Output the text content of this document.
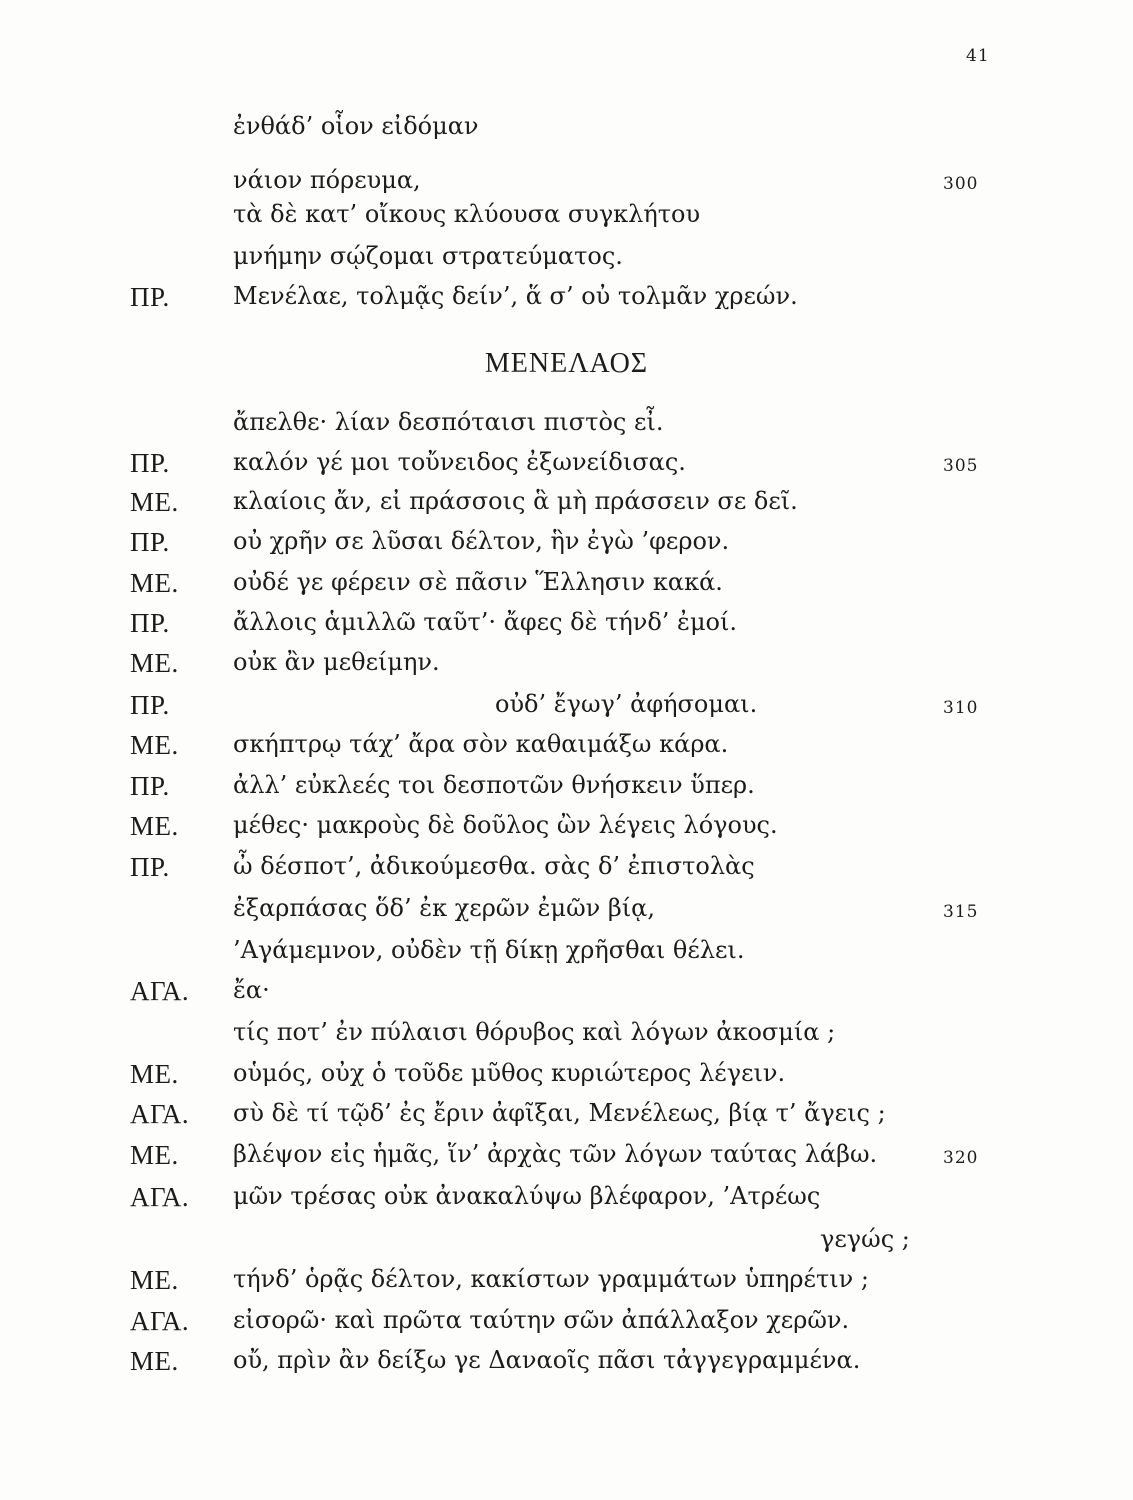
41
ἐνθάδ’ οἷον εἰδόμαν
νάιον πόρευμα,	300
τὰ δὲ κατ’ οἴκους κλύουσα συγκλήτου
μνήμην σῴζομαι στρατεύματος.
ΠΡ.	Μενέλαε, τολμᾷς δείν’, ἅ σ’ οὐ τολμᾶν χρεών.
ΜΕΝΕΛΑΟΣ
ἄπελθε· λίαν δεσπόταισι πιστὸς εἶ.
ΠΡ.	καλόν γέ μοι τοὔνειδος ἐξωνείδισας.	305
ΜΕ. κλαίοις ἄν, εἰ πράσσοις ἃ μὴ πράσσειν σε δεῖ.
ΠΡ.	οὐ χρῆν σε λῦσαι δέλτον, ἣν ἐγὼ ’φερον.
ΜΕ. οὐδέ γε φέρειν σὲ πᾶσιν Ἕλλησιν κακά.
ΠΡ.	ἄλλοις ἁμιλλῶ ταῦτ’· ἄφες δὲ τήνδ’ ἐμοί.
ΜΕ. οὐκ ἂν μεθείμην.
ΠΡ.	οὐδ’ ἔγωγ’ ἀφήσομαι.	310
ΜΕ. σκήπτρῳ τάχ’ ἄρα σὸν καθαιμάξω κάρα.
ΠΡ.	ἀλλ’ εὐκλεές τοι δεσποτῶν θνήσκειν ὕπερ.
ΜΕ. μέθες· μακροὺς δὲ δοῦλος ὢν λέγεις λόγους.
ΠΡ.	ὦ δέσποτ’, ἀδικούμεσθα. σὰς δ’ ἐπιστολὰς
ἐξαρπάσας ὅδ’ ἐκ χερῶν ἐμῶν βίᾳ,	315
’Αγάμεμνον, οὐδὲν τῇ δίκῃ χρῆσθαι θέλει.
ΑΓΑ. ἔα·
τίς ποτ’ ἐν πύλαισι θόρυβος καὶ λόγων ἀκοσμία ;
ΜΕ. οὑμός, οὐχ ὁ τοῦδε μῦθος κυριώτερος λέγειν.
ΑΓΑ. σὺ δὲ τί τῷδ’ ἐς ἔριν ἀφῖξαι, Μενέλεως, βίᾳ τ’ ἄγεις ;
ΜΕ. βλέψον εἰς ἡμᾶς, ἵν’ ἀρχὰς τῶν λόγων ταύτας λάβω.	320
ΑΓΑ. μῶν τρέσας οὐκ ἀνακαλύψω βλέφαρον, ’Ατρέως
γεγώς ;
ΜΕ. τήνδ’ ὁρᾷς δέλτον, κακίστων γραμμάτων ὑπηρέτιν ;
ΑΓΑ. εἰσορῶ· καὶ πρῶτα ταύτην σῶν ἀπάλλαξον χερῶν.
ΜΕ. οὔ, πρὶν ἂν δείξω γε Δαναοῖς πᾶσι τἀγγεγραμμένα.
